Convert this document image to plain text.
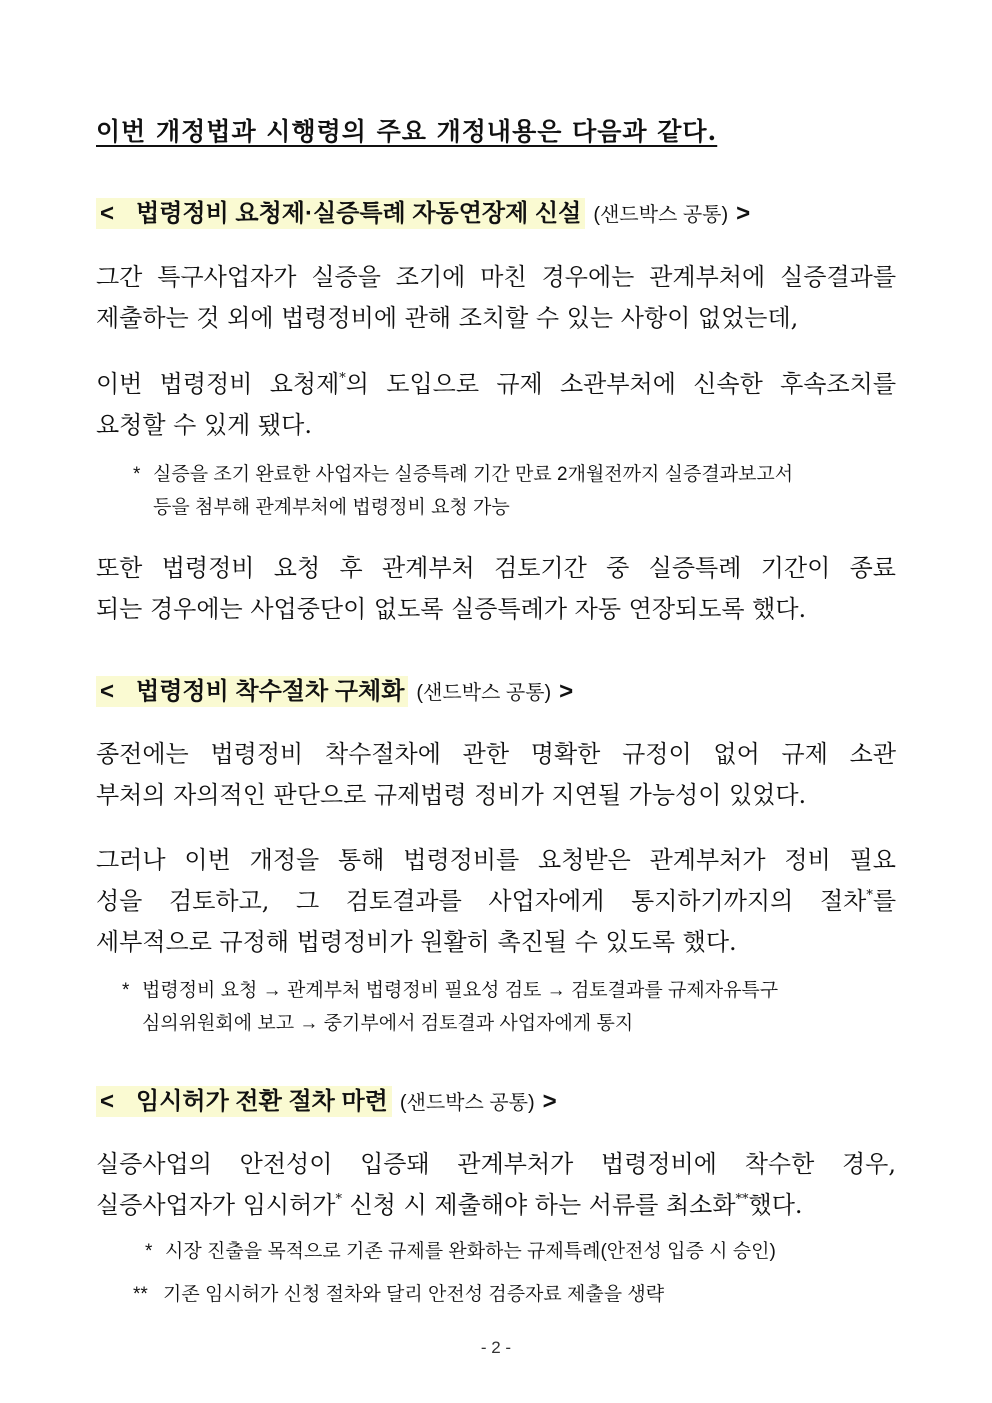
이번 개정법과 시행령의 주요 개정내용은 다음과 같다.
< 법령정비 요청제·실증특례 자동연장제 신설 (샌드박스 공통) >
그간 특구사업자가 실증을 조기에 마친 경우에는 관계부처에 실증결과를
제출하는 것 외에 법령정비에 관해 조치할 수 있는 사항이 없었는데,
이번 법령정비 요청제*의 도입으로 규제 소관부처에 신속한 후속조치를
요청할 수 있게 됐다.
* 실증을 조기 완료한 사업자는 실증특례 기간 만료 2개월전까지 실증결과보고서
등을 첨부해 관계부처에 법령정비 요청 가능
또한 법령정비 요청 후 관계부처 검토기간 중 실증특례 기간이 종료
되는 경우에는 사업중단이 없도록 실증특례가 자동 연장되도록 했다.
< 법령정비 착수절차 구체화 (샌드박스 공통) >
종전에는 법령정비 착수절차에 관한 명확한 규정이 없어 규제 소관
부처의 자의적인 판단으로 규제법령 정비가 지연될 가능성이 있었다.
그러나 이번 개정을 통해 법령정비를 요청받은 관계부처가 정비 필요
성을 검토하고, 그 검토결과를 사업자에게 통지하기까지의 절차*를
세부적으로 규정해 법령정비가 원활히 촉진될 수 있도록 했다.
* 법령정비 요청 → 관계부처 법령정비 필요성 검토 → 검토결과를 규제자유특구
심의위원회에 보고 → 중기부에서 검토결과 사업자에게 통지
< 임시허가 전환 절차 마련 (샌드박스 공통) >
실증사업의 안전성이 입증돼 관계부처가 법령정비에 착수한 경우,
실증사업자가 임시허가* 신청 시 제출해야 하는 서류를 최소화**했다.
* 시장 진출을 목적으로 기존 규제를 완화하는 규제특례(안전성 입증 시 승인)
** 기존 임시허가 신청 절차와 달리 안전성 검증자료 제출을 생략
- 2 -
